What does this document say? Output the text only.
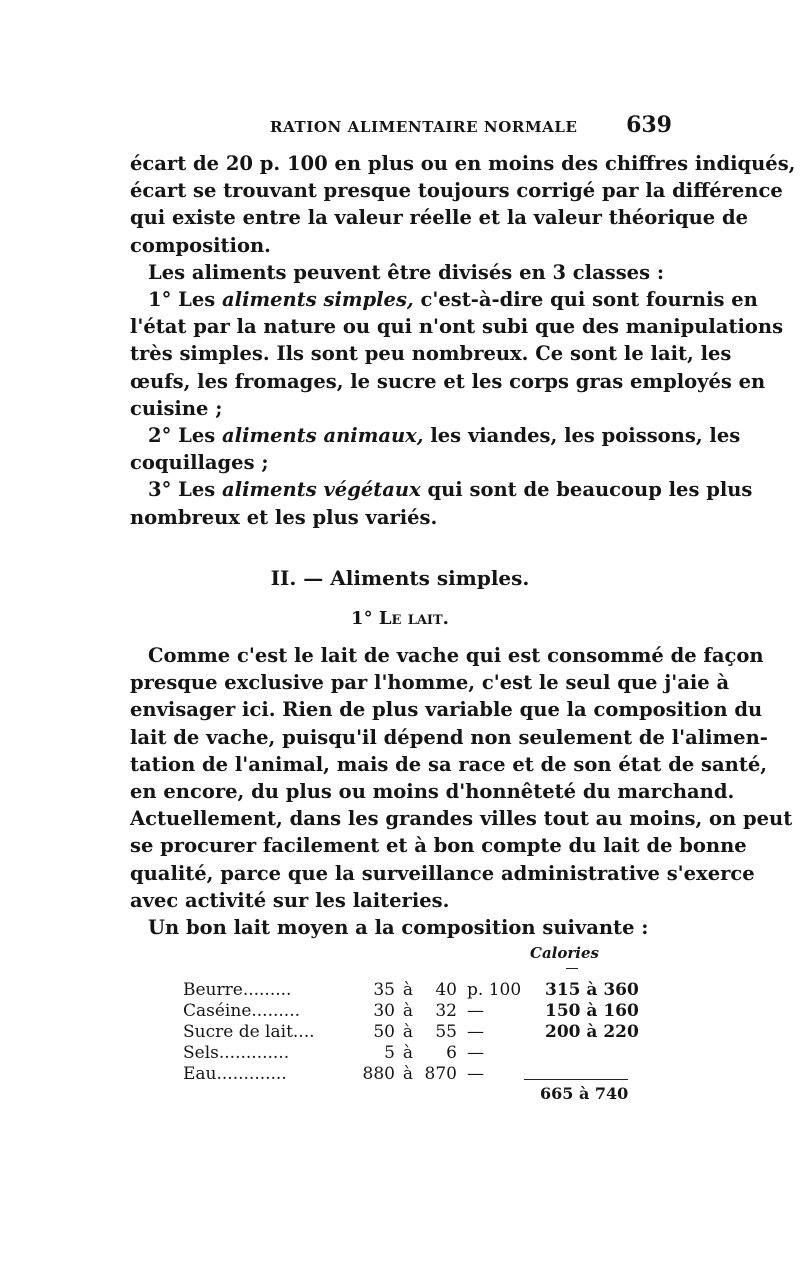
RATION ALIMENTAIRE NORMALE 639
écart de 20 p. 100 en plus ou en moins des chiffres indiqués,
écart se trouvant presque toujours corrigé par la différence
qui existe entre la valeur réelle et la valeur théorique de
composition.
Les aliments peuvent être divisés en 3 classes :
1° Les aliments simples, c'est-à-dire qui sont fournis en
l'état par la nature ou qui n'ont subi que des manipulations
très simples. Ils sont peu nombreux. Ce sont le lait, les
œufs, les fromages, le sucre et les corps gras employés en
cuisine ;
2° Les aliments animaux, les viandes, les poissons, les
coquillages ;
3° Les aliments végétaux qui sont de beaucoup les plus
nombreux et les plus variés.
II. — Aliments simples.
1° Le lait.
Comme c'est le lait de vache qui est consommé de façon
presque exclusive par l'homme, c'est le seul que j'aie à
envisager ici. Rien de plus variable que la composition du
lait de vache, puisqu'il dépend non seulement de l'alimen-
tation de l'animal, mais de sa race et de son état de santé,
en encore, du plus ou moins d'honnêteté du marchand.
Actuellement, dans les grandes villes tout au moins, on peut
se procurer facilement et à bon compte du lait de bonne
qualité, parce que la surveillance administrative s'exerce
avec activité sur les laiteries.
Un bon lait moyen a la composition suivante :
Calories
Beurre.........	35	à	40	p. 100	315 à 360
Caséine.........	30	à	32	—	150 à 160
Sucre de lait....	50	à	55	—	200 à 220
Sels.............	5	à	6	—	
Eau.............	880	à	870	—	
665 à 740
